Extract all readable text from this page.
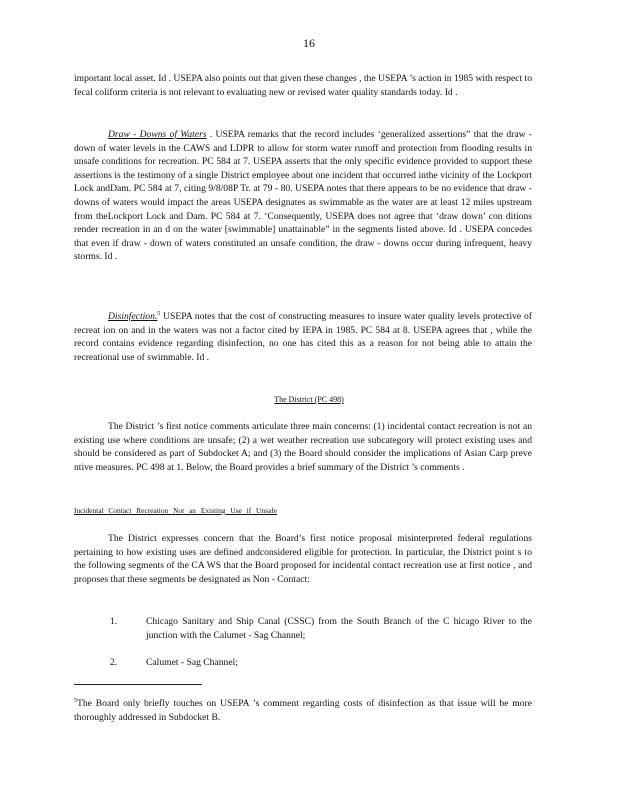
16

important local asset. Id . USEPA also points out that given these changes , the USEPA ’s action in 1985 with respect to fecal coliform criteria is not relevant to evaluating new or revised water quality standards today. Id .

Draw - Downs of Waters . USEPA remarks that the record includes ‘generalized assertions” that the draw - down of water levels in the CAWS and LDPR to allow for storm water runoff and protection from flooding results in unsafe conditions for recreation. PC 584 at 7. USEPA asserts that the only specific evidence provided to support these assertions is the testimony of a single District employee about one incident that occurred inthe vicinity of the Lockport Lock andDam. PC 584 at 7, citing 9/8/08P Tr. at 79 - 80. USEPA notes that there appears to be no evidence that draw - downs of waters would impact the areas USEPA designates as swimmable as the water are at least 12 miles upstream from theLockport Lock and Dam. PC 584 at 7. ‘Consequently, USEPA does not agree that ‘draw down’ con ditions render recreation in an d on the water [swimmable] unattainable” in the segments listed above. Id . USEPA concedes that even if draw - down of waters constituted an unsafe condition, the draw - downs occur during infrequent, heavy storms. Id .

Disinfection.$^5$ USEPA notes that the cost of constructing measures to insure water quality levels protective of recreat ion on and in the waters was not a factor cited by IEPA in 1985. PC 584 at 8. USEPA agrees that , while the record contains evidence regarding disinfection, no one has cited this as a reason for not being able to attain the recreational use of swimmable. Id .

The District (PC 498)

The District ’s first notice comments articulate three main concerns: (1) incidental contact recreation is not an existing use where conditions are unsafe; (2) a wet weather recreation use subcategory will protect existing uses and should be considered as part of Subdocket A; and (3) the Board should consider the implications of Asian Carp preve ntive measures. PC 498 at 1. Below, the Board provides a brief summary of the District ’s comments .

Incidental Contact Recreation Not an Existing Use if Unsafe

The District expresses concern that the Board’s first notice proposal misinterpreted federal regulations pertaining to how existing uses are defined andconsidered eligible for protection. In particular, the District point s to the following segments of the CA WS that the Board proposed for incidental contact recreation use at first notice , and proposes that these segments be designated as Non - Contact:

1.	Chicago Sanitary and Ship Canal (CSSC) from the South Branch of the C hicago River to the junction with the Calumet - Sag Channel;
2.	Calumet - Sag Channel;
$^5$The Board only briefly touches on USEPA ’s comment regarding costs of disinfection as that issue will be more thoroughly addressed in Subdocket B.
